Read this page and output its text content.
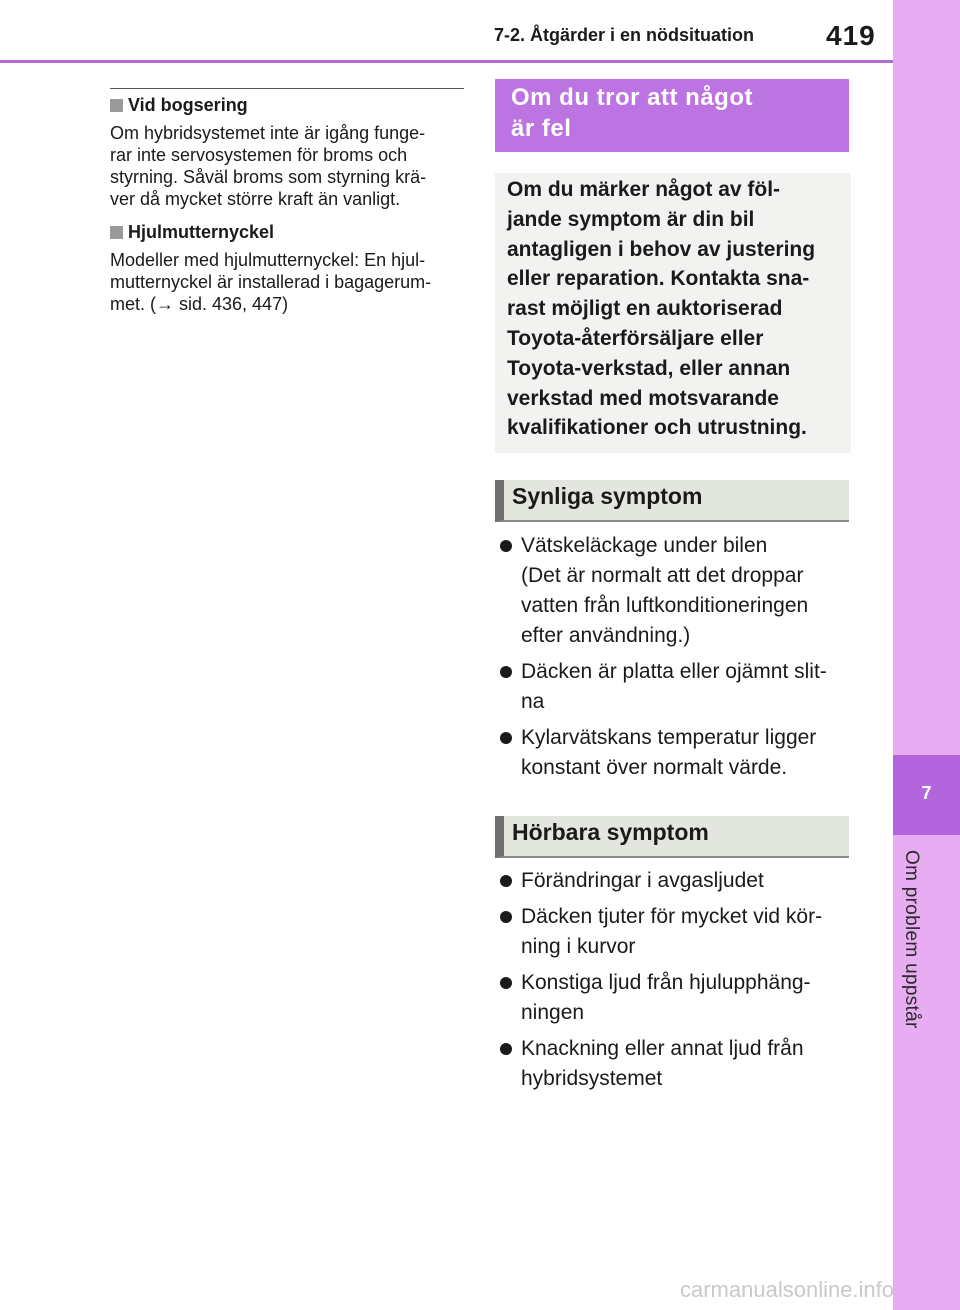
7-2. Åtgärder i en nödsituation	419
7
Om problem uppstår
Vid bogsering

Om hybridsystemet inte är igång funge-
rar inte servosystemen för broms och
styrning. Såväl broms som styrning krä-
ver då mycket större kraft än vanligt.

Hjulmutternyckel

Modeller med hjulmutternyckel: En hjul-
mutternyckel är installerad i bagagerum-
met. (→ sid. 436, 447)

Om du tror att något
är fel
Om du märker något av föl-
jande symptom är din bil
antagligen i behov av justering
eller reparation. Kontakta sna-
rast möjligt en auktoriserad
Toyota-återförsäljare eller
Toyota-verkstad, eller annan
verkstad med motsvarande
kvalifikationer och utrustning.
Synliga symptom
Vätskeläckage under bilen
(Det är normalt att det droppar
vatten från luftkonditioneringen
efter användning.)
Däcken är platta eller ojämnt slit-
na
Kylarvätskans temperatur ligger
konstant över normalt värde.
Hörbara symptom
Förändringar i avgasljudet
Däcken tjuter för mycket vid kör-
ning i kurvor
Konstiga ljud från hjulupphäng-
ningen
Knackning eller annat ljud från
hybridsystemet
carmanualsonline.info
